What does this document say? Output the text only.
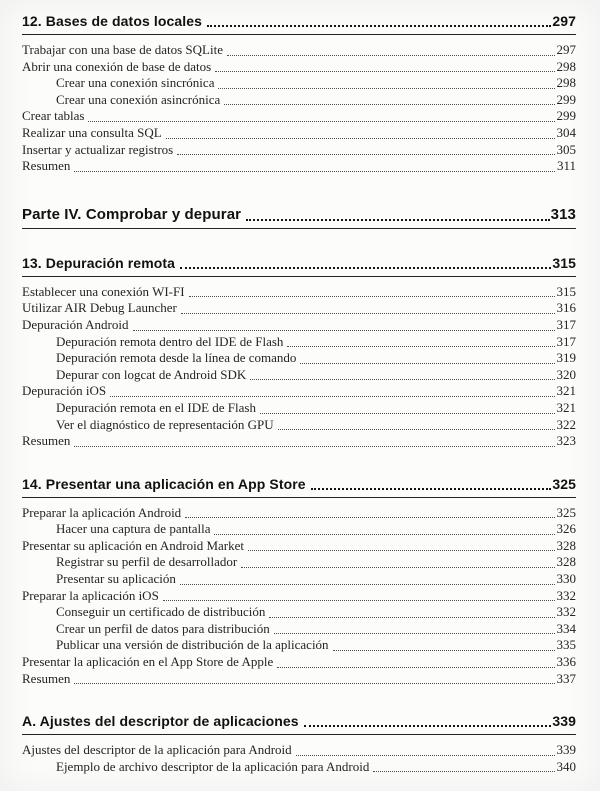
12. Bases de datos locales	297
Trabajar con una base de datos SQLite	297
Abrir una conexión de base de datos	298
Crear una conexión sincrónica	298
Crear una conexión asincrónica	299
Crear tablas	299
Realizar una consulta SQL	304
Insertar y actualizar registros	305
Resumen	311
Parte IV. Comprobar y depurar	313
13. Depuración remota	315
Establecer una conexión WI-FI	315
Utilizar AIR Debug Launcher	316
Depuración Android	317
Depuración remota dentro del IDE de Flash	317
Depuración remota desde la línea de comando	319
Depurar con logcat de Android SDK	320
Depuración iOS	321
Depuración remota en el IDE de Flash	321
Ver el diagnóstico de representación GPU	322
Resumen	323
14. Presentar una aplicación en App Store	325
Preparar la aplicación Android	325
Hacer una captura de pantalla	326
Presentar su aplicación en Android Market	328
Registrar su perfil de desarrollador	328
Presentar su aplicación	330
Preparar la aplicación iOS	332
Conseguir un certificado de distribución	332
Crear un perfil de datos para distribución	334
Publicar una versión de distribución de la aplicación	335
Presentar la aplicación en el App Store de Apple	336
Resumen	337
A. Ajustes del descriptor de aplicaciones	339
Ajustes del descriptor de la aplicación para Android	339
Ejemplo de archivo descriptor de la aplicación para Android	340
